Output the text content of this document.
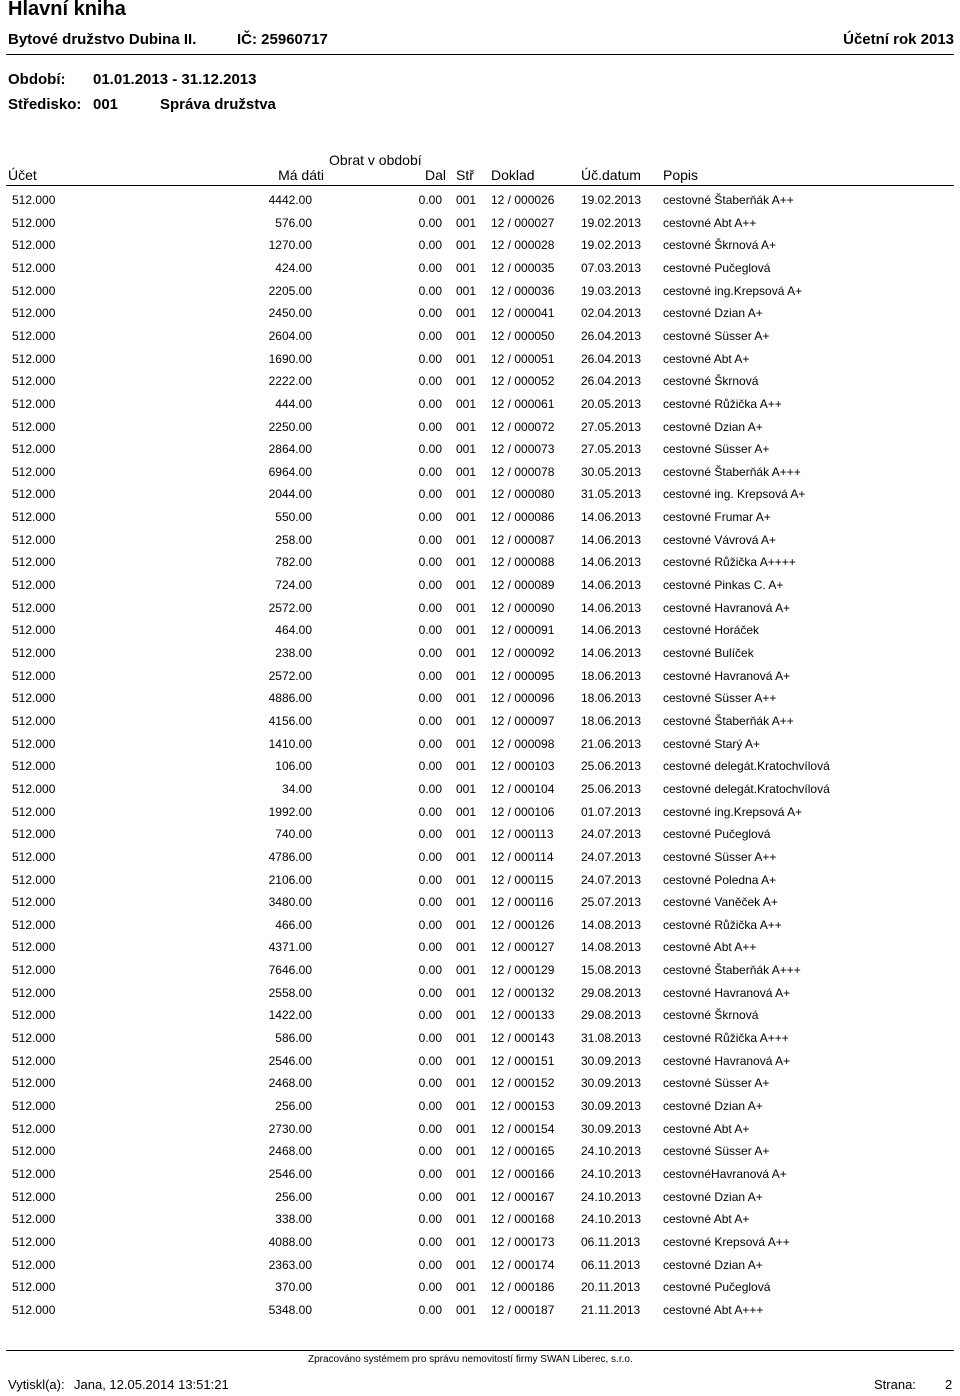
Hlavní kniha
Bytové družstvo Dubina II.	IČ: 25960717	Účetní rok 2013
Období: 01.01.2013 - 31.12.2013
Středisko: 001	Správa družstva
Obrat v období
Účet	Má dáti	Dal Stř Doklad	Úč.datum Popis
512.000	4442.00	0.00 001 12 / 000026 19.02.2013 cestovné Štaberňák A++
512.000	576.00	0.00 001 12 / 000027 19.02.2013 cestovné Abt A++
512.000	1270.00	0.00 001 12 / 000028 19.02.2013 cestovné Škrnová A+
512.000	424.00	0.00 001 12 / 000035 07.03.2013 cestovné Pučeglová
512.000	2205.00	0.00 001 12 / 000036 19.03.2013 cestovné ing.Krepsová A+
512.000	2450.00	0.00 001 12 / 000041 02.04.2013 cestovné Dzian A+
512.000	2604.00	0.00 001 12 / 000050 26.04.2013 cestovné Süsser A+
512.000	1690.00	0.00 001 12 / 000051 26.04.2013 cestovné Abt A+
512.000	2222.00	0.00 001 12 / 000052 26.04.2013 cestovné Škrnová
512.000	444.00	0.00 001 12 / 000061 20.05.2013 cestovné Růžička A++
512.000	2250.00	0.00 001 12 / 000072 27.05.2013 cestovné Dzian A+
512.000	2864.00	0.00 001 12 / 000073 27.05.2013 cestovné Süsser A+
512.000	6964.00	0.00 001 12 / 000078 30.05.2013 cestovné Štaberňák A+++
512.000	2044.00	0.00 001 12 / 000080 31.05.2013 cestovné ing. Krepsová A+
512.000	550.00	0.00 001 12 / 000086 14.06.2013 cestovné Frumar A+
512.000	258.00	0.00 001 12 / 000087 14.06.2013 cestovné Vávrová A+
512.000	782.00	0.00 001 12 / 000088 14.06.2013 cestovné Růžička A++++
512.000	724.00	0.00 001 12 / 000089 14.06.2013 cestovné Pinkas C. A+
512.000	2572.00	0.00 001 12 / 000090 14.06.2013 cestovné Havranová A+
512.000	464.00	0.00 001 12 / 000091 14.06.2013 cestovné Horáček
512.000	238.00	0.00 001 12 / 000092 14.06.2013 cestovné Bulíček
512.000	2572.00	0.00 001 12 / 000095 18.06.2013 cestovné Havranová A+
512.000	4886.00	0.00 001 12 / 000096 18.06.2013 cestovné Süsser A++
512.000	4156.00	0.00 001 12 / 000097 18.06.2013 cestovné Štaberňák A++
512.000	1410.00	0.00 001 12 / 000098 21.06.2013 cestovné Starý A+
512.000	106.00	0.00 001 12 / 000103 25.06.2013 cestovné delegát.Kratochvílová
512.000	34.00	0.00 001 12 / 000104 25.06.2013 cestovné delegát.Kratochvílová
512.000	1992.00	0.00 001 12 / 000106 01.07.2013 cestovné ing.Krepsová A+
512.000	740.00	0.00 001 12 / 000113 24.07.2013 cestovné Pučeglová
512.000	4786.00	0.00 001 12 / 000114 24.07.2013 cestovné Süsser A++
512.000	2106.00	0.00 001 12 / 000115 24.07.2013 cestovné Poledna A+
512.000	3480.00	0.00 001 12 / 000116 25.07.2013 cestovné Vaněček A+
512.000	466.00	0.00 001 12 / 000126 14.08.2013 cestovné Růžička A++
512.000	4371.00	0.00 001 12 / 000127 14.08.2013 cestovné Abt A++
512.000	7646.00	0.00 001 12 / 000129 15.08.2013 cestovné Štaberňák A+++
512.000	2558.00	0.00 001 12 / 000132 29.08.2013 cestovné Havranová A+
512.000	1422.00	0.00 001 12 / 000133 29.08.2013 cestovné Škrnová
512.000	586.00	0.00 001 12 / 000143 31.08.2013 cestovné Růžička A+++
512.000	2546.00	0.00 001 12 / 000151 30.09.2013 cestovné Havranová A+
512.000	2468.00	0.00 001 12 / 000152 30.09.2013 cestovné Süsser A+
512.000	256.00	0.00 001 12 / 000153 30.09.2013 cestovné Dzian A+
512.000	2730.00	0.00 001 12 / 000154 30.09.2013 cestovné Abt A+
512.000	2468.00	0.00 001 12 / 000165 24.10.2013 cestovné Süsser A+
512.000	2546.00	0.00 001 12 / 000166 24.10.2013 cestovnéHavranová A+
512.000	256.00	0.00 001 12 / 000167 24.10.2013 cestovné Dzian A+
512.000	338.00	0.00 001 12 / 000168 24.10.2013 cestovné Abt A+
512.000	4088.00	0.00 001 12 / 000173 06.11.2013 cestovné Krepsová A++
512.000	2363.00	0.00 001 12 / 000174 06.11.2013 cestovné Dzian A+
512.000	370.00	0.00 001 12 / 000186 20.11.2013 cestovné Pučeglová
512.000	5348.00	0.00 001 12 / 000187 21.11.2013 cestovné Abt A+++
Zpracováno systémem pro správu nemovitostí firmy SWAN Liberec, s.r.o.
Vytiskl(a): Jana, 12.05.2014 13:51:21	Strana: 2
